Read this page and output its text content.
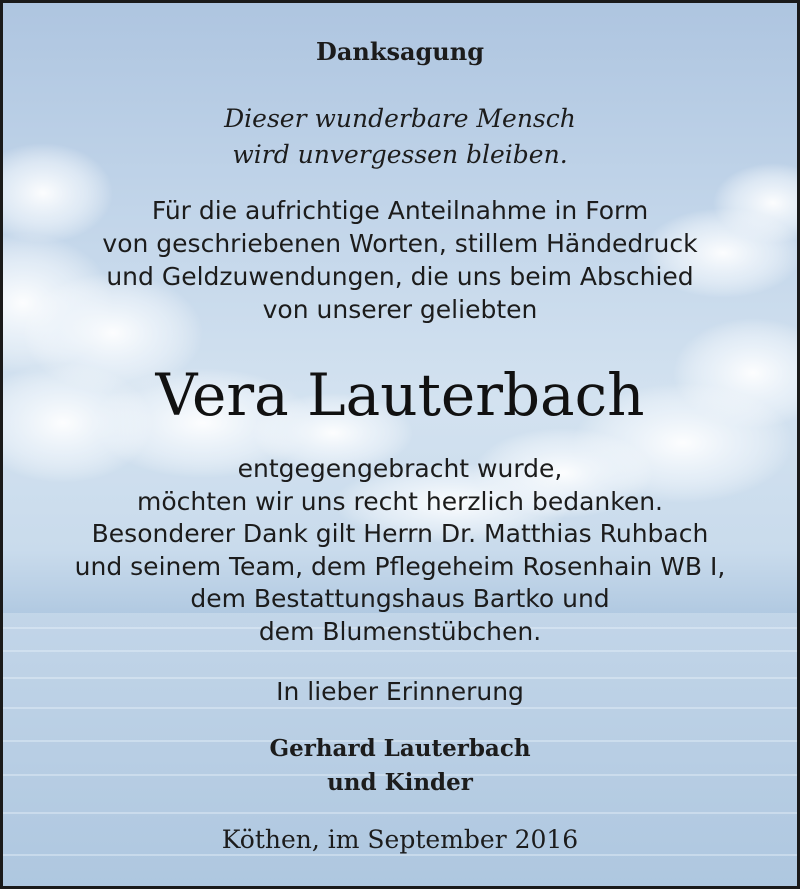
Danksagung
Dieser wunderbare Mensch
wird unvergessen bleiben.
Für die aufrichtige Anteilnahme in Form
von geschriebenen Worten, stillem Händedruck
und Geldzuwendungen, die uns beim Abschied
von unserer geliebten
Vera Lauterbach
entgegengebracht wurde,
möchten wir uns recht herzlich bedanken.
Besonderer Dank gilt Herrn Dr. Matthias Ruhbach
und seinem Team, dem Pflegeheim Rosenhain WB I,
dem Bestattungshaus Bartko und
dem Blumenstübchen.
In lieber Erinnerung
Gerhard Lauterbach
und Kinder
Köthen, im September 2016
